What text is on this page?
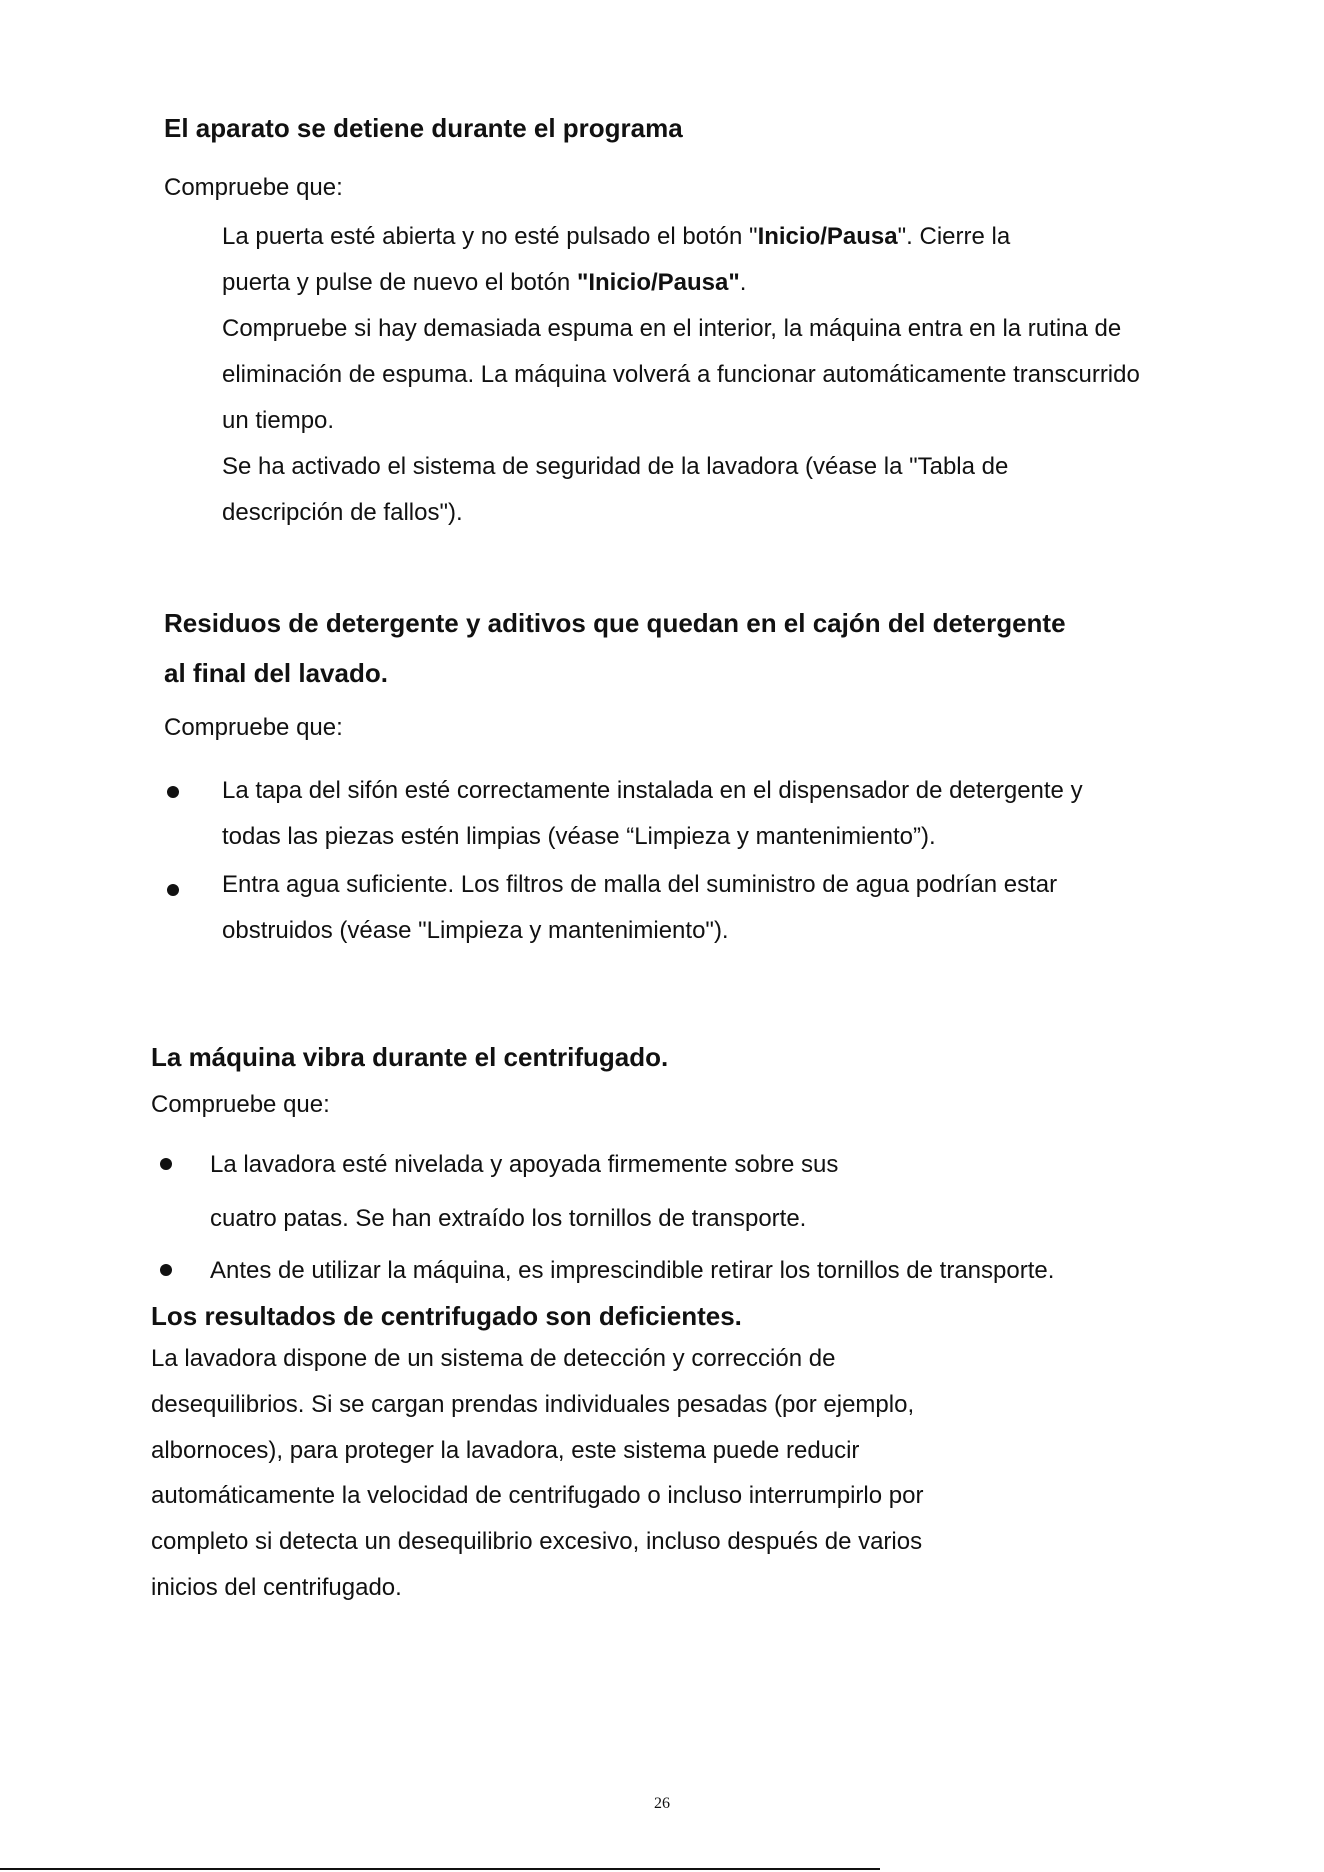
El aparato se detiene durante el programa
Compruebe que:
La puerta esté abierta y no esté pulsado el botón "Inicio/Pausa". Cierre la
puerta y pulse de nuevo el botón "Inicio/Pausa".
Compruebe si hay demasiada espuma en el interior, la máquina entra en la rutina de
eliminación de espuma. La máquina volverá a funcionar automáticamente transcurrido
un tiempo.
Se ha activado el sistema de seguridad de la lavadora (véase la "Tabla de
descripción de fallos").
Residuos de detergente y aditivos que quedan en el cajón del detergente
al final del lavado.
Compruebe que:
La tapa del sifón esté correctamente instalada en el dispensador de detergente y
todas las piezas estén limpias (véase “Limpieza y mantenimiento”).
Entra agua suficiente. Los filtros de malla del suministro de agua podrían estar
obstruidos (véase "Limpieza y mantenimiento").
La máquina vibra durante el centrifugado.
Compruebe que:
La lavadora esté nivelada y apoyada firmemente sobre sus
cuatro patas. Se han extraído los tornillos de transporte.
Antes de utilizar la máquina, es imprescindible retirar los tornillos de transporte.
Los resultados de centrifugado son deficientes.
La lavadora dispone de un sistema de detección y corrección de
desequilibrios. Si se cargan prendas individuales pesadas (por ejemplo,
albornoces), para proteger la lavadora, este sistema puede reducir
automáticamente la velocidad de centrifugado o incluso interrumpirlo por
completo si detecta un desequilibrio excesivo, incluso después de varios
inicios del centrifugado.
26
